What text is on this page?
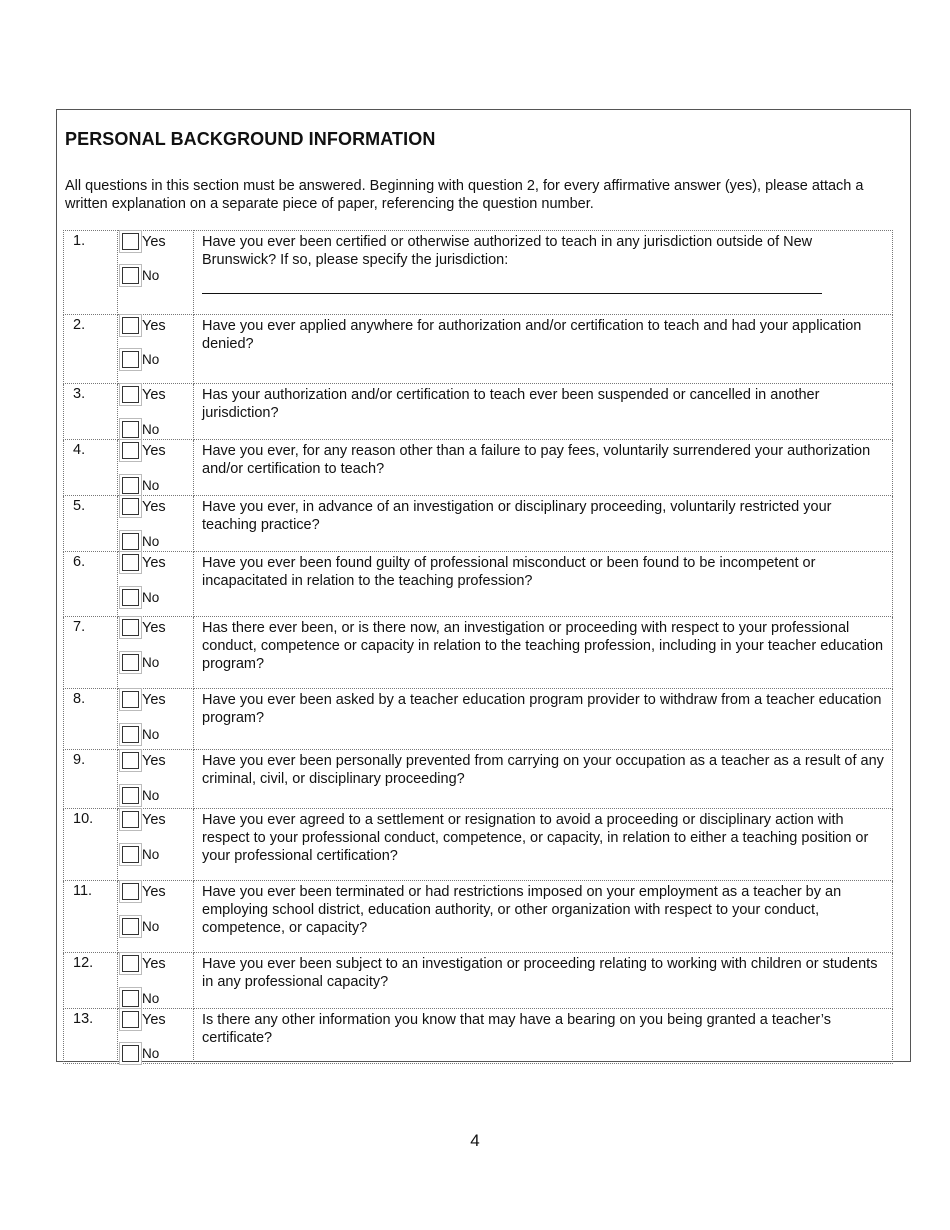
PERSONAL BACKGROUND INFORMATION
All questions in this section must be answered. Beginning with question 2, for every affirmative answer (yes), please attach a written explanation on a separate piece of paper, referencing the question number.
1.	Yes
No	Have you ever been certified or otherwise authorized to teach in any jurisdiction outside of New Brunswick? If so, please specify the jurisdiction:

2.	Yes
No	Have you ever applied anywhere for authorization and/or certification to teach and had your application denied?
3.	Yes
No	Has your authorization and/or certification to teach ever been suspended or cancelled in another jurisdiction?
4.	Yes
No	Have you ever, for any reason other than a failure to pay fees, voluntarily surrendered your authorization and/or certification to teach?
5.	Yes
No	Have you ever, in advance of an investigation or disciplinary proceeding, voluntarily restricted your teaching practice?
6.	Yes
No	Have you ever been found guilty of professional misconduct or been found to be incompetent or incapacitated in relation to the teaching profession?
7.	Yes
No	Has there ever been, or is there now, an investigation or proceeding with respect to your professional conduct, competence or capacity in relation to the teaching profession, including in your teacher education program?
8.	Yes
No	Have you ever been asked by a teacher education program provider to withdraw from a teacher education program?
9.	Yes
No	Have you ever been personally prevented from carrying on your occupation as a teacher as a result of any criminal, civil, or disciplinary proceeding?
10.	Yes
No	Have you ever agreed to a settlement or resignation to avoid a proceeding or disciplinary action with respect to your professional conduct, competence, or capacity, in relation to either a teaching position or your professional certification?
11.	Yes
No	Have you ever been terminated or had restrictions imposed on your employment as a teacher by an employing school district, education authority, or other organization with respect to your conduct, competence, or capacity?
12.	Yes
No	Have you ever been subject to an investigation or proceeding relating to working with children or students in any professional capacity?
13.	Yes
No	Is there any other information you know that may have a bearing on you being granted a teacher’s certificate?
4
